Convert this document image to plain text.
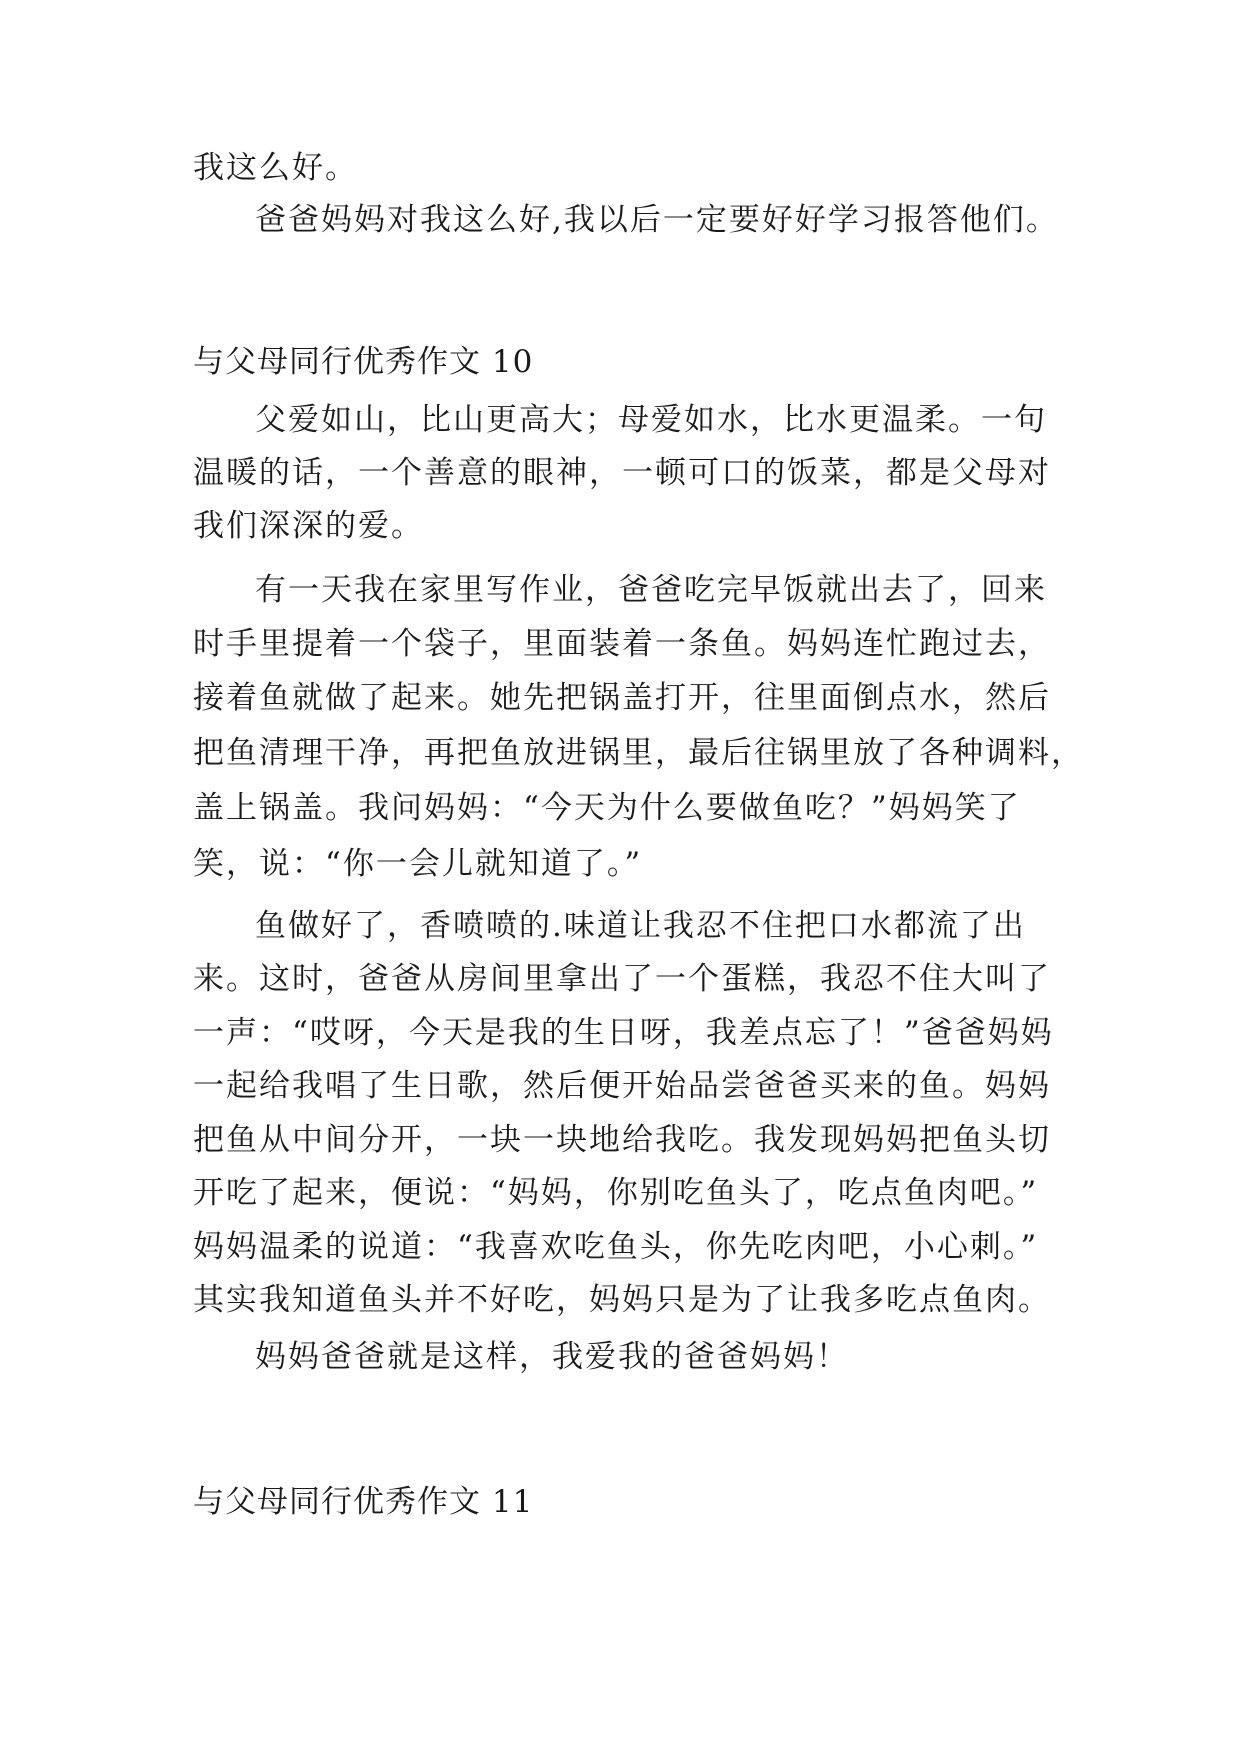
我这么好。
爸爸妈妈对我这么好,我以后一定要好好学习报答他们。
与父母同行优秀作文 10
父爱如山，比山更高大；母爱如水，比水更温柔。一句
温暖的话，一个善意的眼神，一顿可口的饭菜，都是父母对
我们深深的爱。
有一天我在家里写作业，爸爸吃完早饭就出去了，回来
时手里提着一个袋子，里面装着一条鱼。妈妈连忙跑过去，
接着鱼就做了起来。她先把锅盖打开，往里面倒点水，然后
把鱼清理干净，再把鱼放进锅里，最后往锅里放了各种调料，
盖上锅盖。我问妈妈：“今天为什么要做鱼吃？”妈妈笑了
笑，说：“你一会儿就知道了。”
鱼做好了，香喷喷的.味道让我忍不住把口水都流了出
来。这时，爸爸从房间里拿出了一个蛋糕，我忍不住大叫了
一声：“哎呀，今天是我的生日呀，我差点忘了！”爸爸妈妈
一起给我唱了生日歌，然后便开始品尝爸爸买来的鱼。妈妈
把鱼从中间分开，一块一块地给我吃。我发现妈妈把鱼头切
开吃了起来，便说：“妈妈，你别吃鱼头了，吃点鱼肉吧。”
妈妈温柔的说道：“我喜欢吃鱼头，你先吃肉吧，小心刺。”
其实我知道鱼头并不好吃，妈妈只是为了让我多吃点鱼肉。
妈妈爸爸就是这样，我爱我的爸爸妈妈！
与父母同行优秀作文 11
